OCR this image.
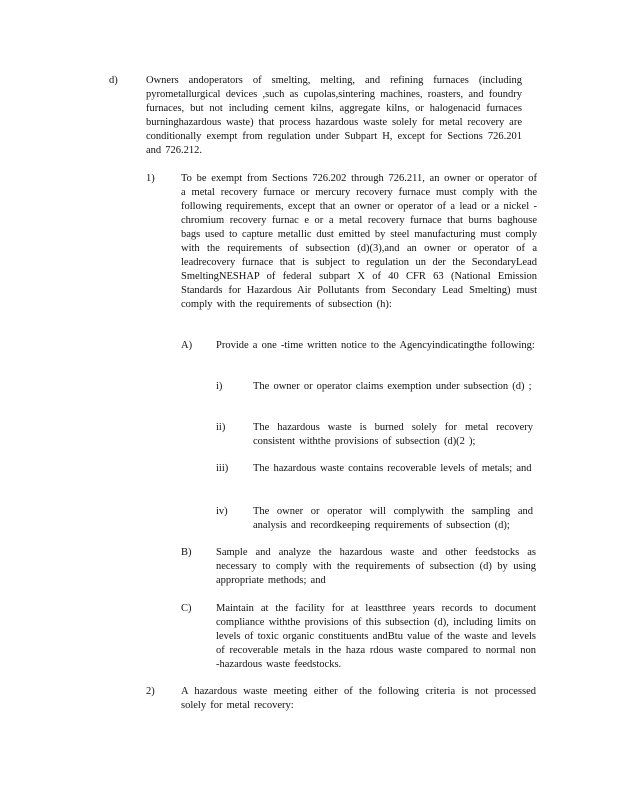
d)	Owners andoperators of smelting, melting, and refining furnaces (including pyrometallurgical devices ,such as cupolas,sintering machines, roasters, and foundry furnaces, but not including cement kilns, aggregate kilns, or halogenacid furnaces burninghazardous waste) that process hazardous waste solely for metal recovery are conditionally exempt from regulation under Subpart H, except for Sections 726.201 and 726.212.
1)	To be exempt from Sections 726.202 through 726.211, an owner or operator of a metal recovery furnace or mercury recovery furnace must comply with the following requirements, except that an owner or operator of a lead or a nickel -chromium recovery furnac e or a metal recovery furnace that burns baghouse bags used to capture metallic dust emitted by steel manufacturing must comply with the requirements of subsection (d)(3),and an owner or operator of a leadrecovery furnace that is subject to regulation un der the SecondaryLead SmeltingNESHAP of federal subpart X of 40 CFR 63 (National Emission Standards for Hazardous Air Pollutants from Secondary Lead Smelting) must comply with the requirements of subsection (h):
A) Provide a one -time written notice to the Agencyindicatingthe following:
i)	The owner or operator claims exemption under subsection (d) ;
ii)	The hazardous waste is burned solely for metal recovery consistent withthe provisions of subsection (d)(2 );
iii) The hazardous waste contains recoverable levels of metals; and
iv) The owner or operator will complywith the sampling and analysis and recordkeeping requirements of subsection (d);
B) Sample and analyze the hazardous waste and other feedstocks as necessary to comply with the requirements of subsection (d) by using appropriate methods; and
C) Maintain at the facility for at leastthree years records to document compliance withthe provisions of this subsection (d), including limits on levels of toxic organic constituents andBtu value of the waste and levels of recoverable metals in the haza rdous waste compared to normal non -hazardous waste feedstocks.
2)	A hazardous waste meeting either of the following criteria is not processed solely for metal recovery:
